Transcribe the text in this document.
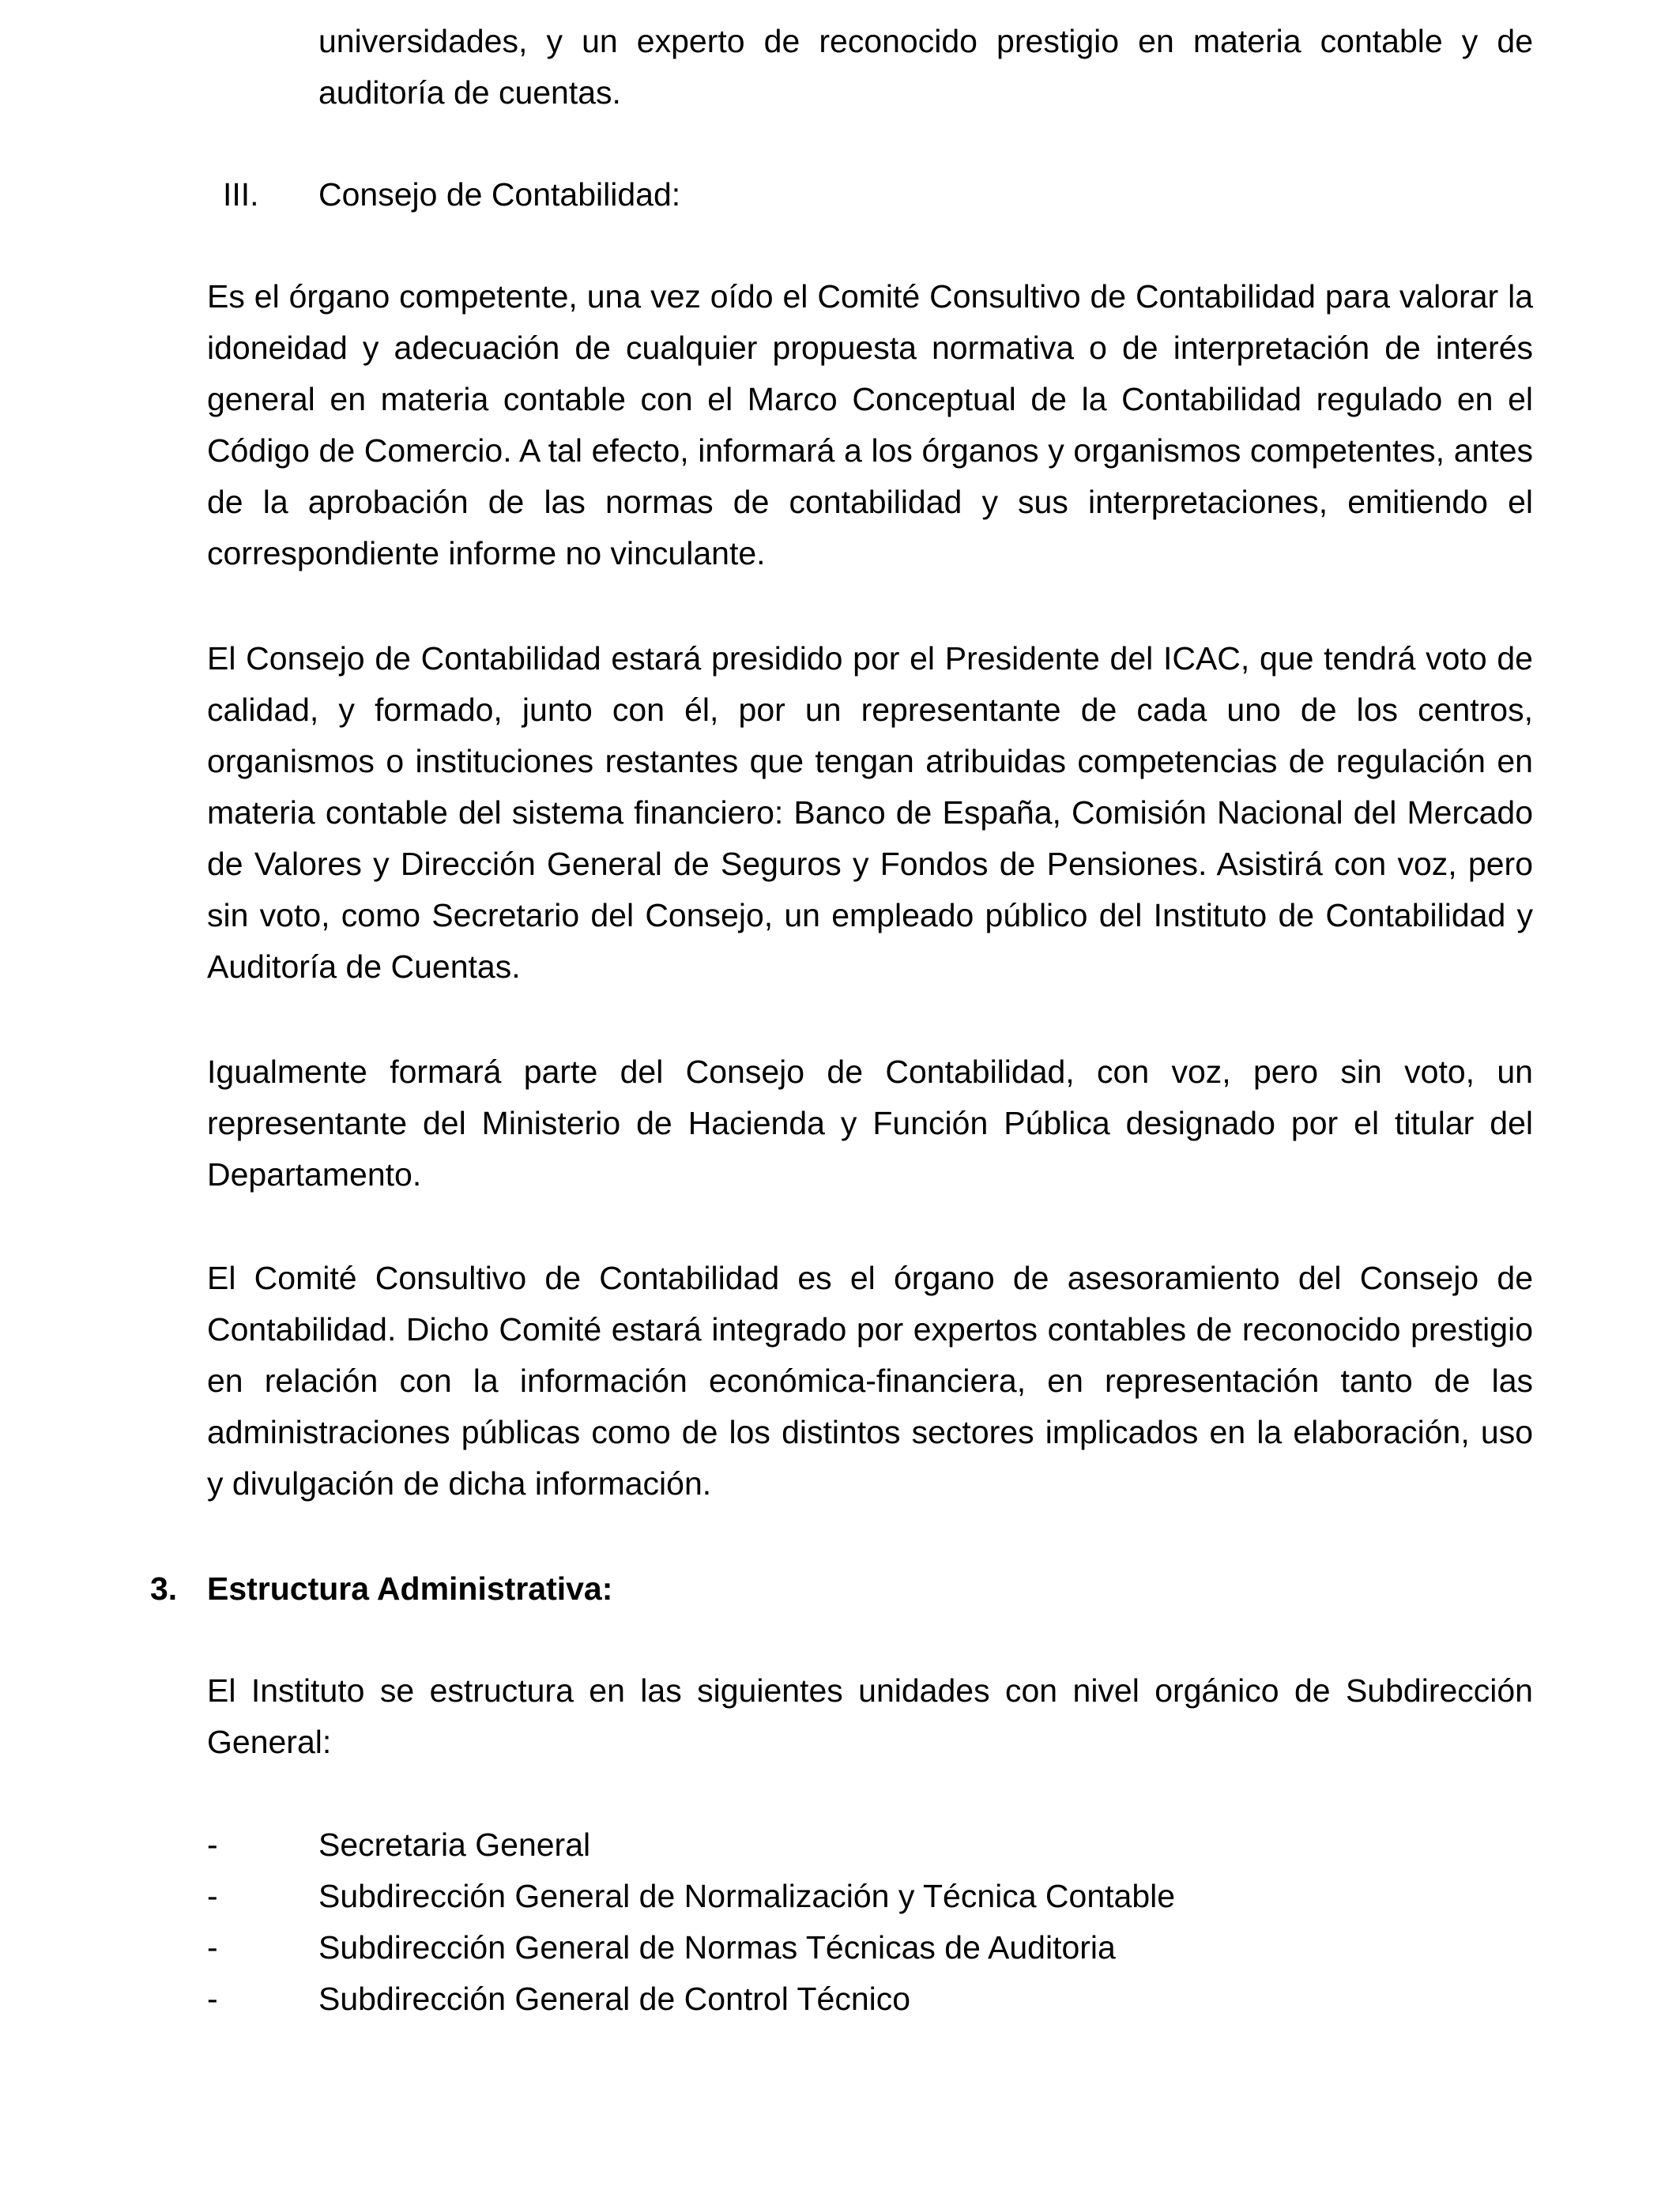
universidades, y un experto de reconocido prestigio en materia contable y de auditoría de cuentas.

III. Consejo de Contabilidad:

Es el órgano competente, una vez oído el Comité Consultivo de Contabilidad para valorar la idoneidad y adecuación de cualquier propuesta normativa o de interpretación de interés general en materia contable con el Marco Conceptual de la Contabilidad regulado en el Código de Comercio. A tal efecto, informará a los órganos y organismos competentes, antes de la aprobación de las normas de contabilidad y sus interpretaciones, emitiendo el correspondiente informe no vinculante.

El Consejo de Contabilidad estará presidido por el Presidente del ICAC, que tendrá voto de calidad, y formado, junto con él, por un representante de cada uno de los centros, organismos o instituciones restantes que tengan atribuidas competencias de regulación en materia contable del sistema financiero: Banco de España, Comisión Nacional del Mercado de Valores y Dirección General de Seguros y Fondos de Pensiones. Asistirá con voz, pero sin voto, como Secretario del Consejo, un empleado público del Instituto de Contabilidad y Auditoría de Cuentas.

Igualmente formará parte del Consejo de Contabilidad, con voz, pero sin voto, un representante del Ministerio de Hacienda y Función Pública designado por el titular del Departamento.

El Comité Consultivo de Contabilidad es el órgano de asesoramiento del Consejo de Contabilidad. Dicho Comité estará integrado por expertos contables de reconocido prestigio en relación con la información económica-financiera, en representación tanto de las administraciones públicas como de los distintos sectores implicados en la elaboración, uso y divulgación de dicha información.

3. Estructura Administrativa:

El Instituto se estructura en las siguientes unidades con nivel orgánico de Subdirección General:

-	Secretaria General
-	Subdirección General de Normalización y Técnica Contable
-	Subdirección General de Normas Técnicas de Auditoria
-	Subdirección General de Control Técnico
